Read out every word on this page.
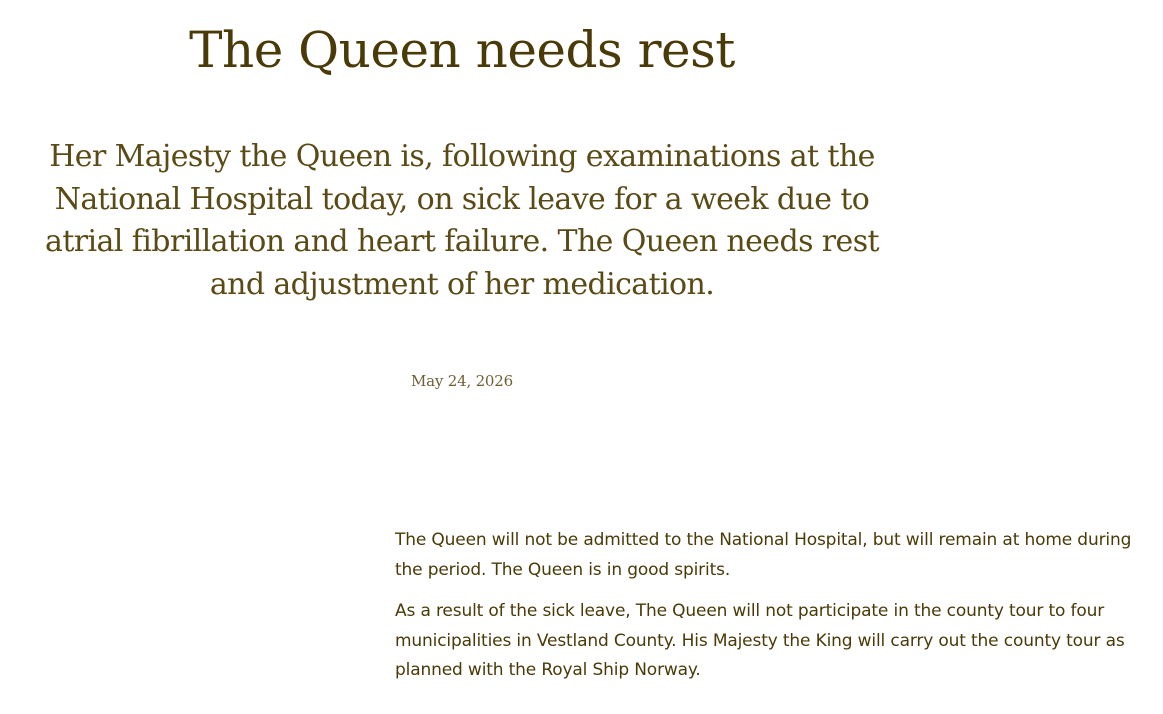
The Queen needs rest

Her Majesty the Queen is, following examinations at the National Hospital today, on sick leave for a week due to atrial fibrillation and heart failure. The Queen needs rest and adjustment of her medication.

May 24, 2026

The Queen will not be admitted to the National Hospital, but will remain at home during the period. The Queen is in good spirits.

As a result of the sick leave, The Queen will not participate in the county tour to four municipalities in Vestland County. His Majesty the King will carry out the county tour as planned with the Royal Ship Norway.
